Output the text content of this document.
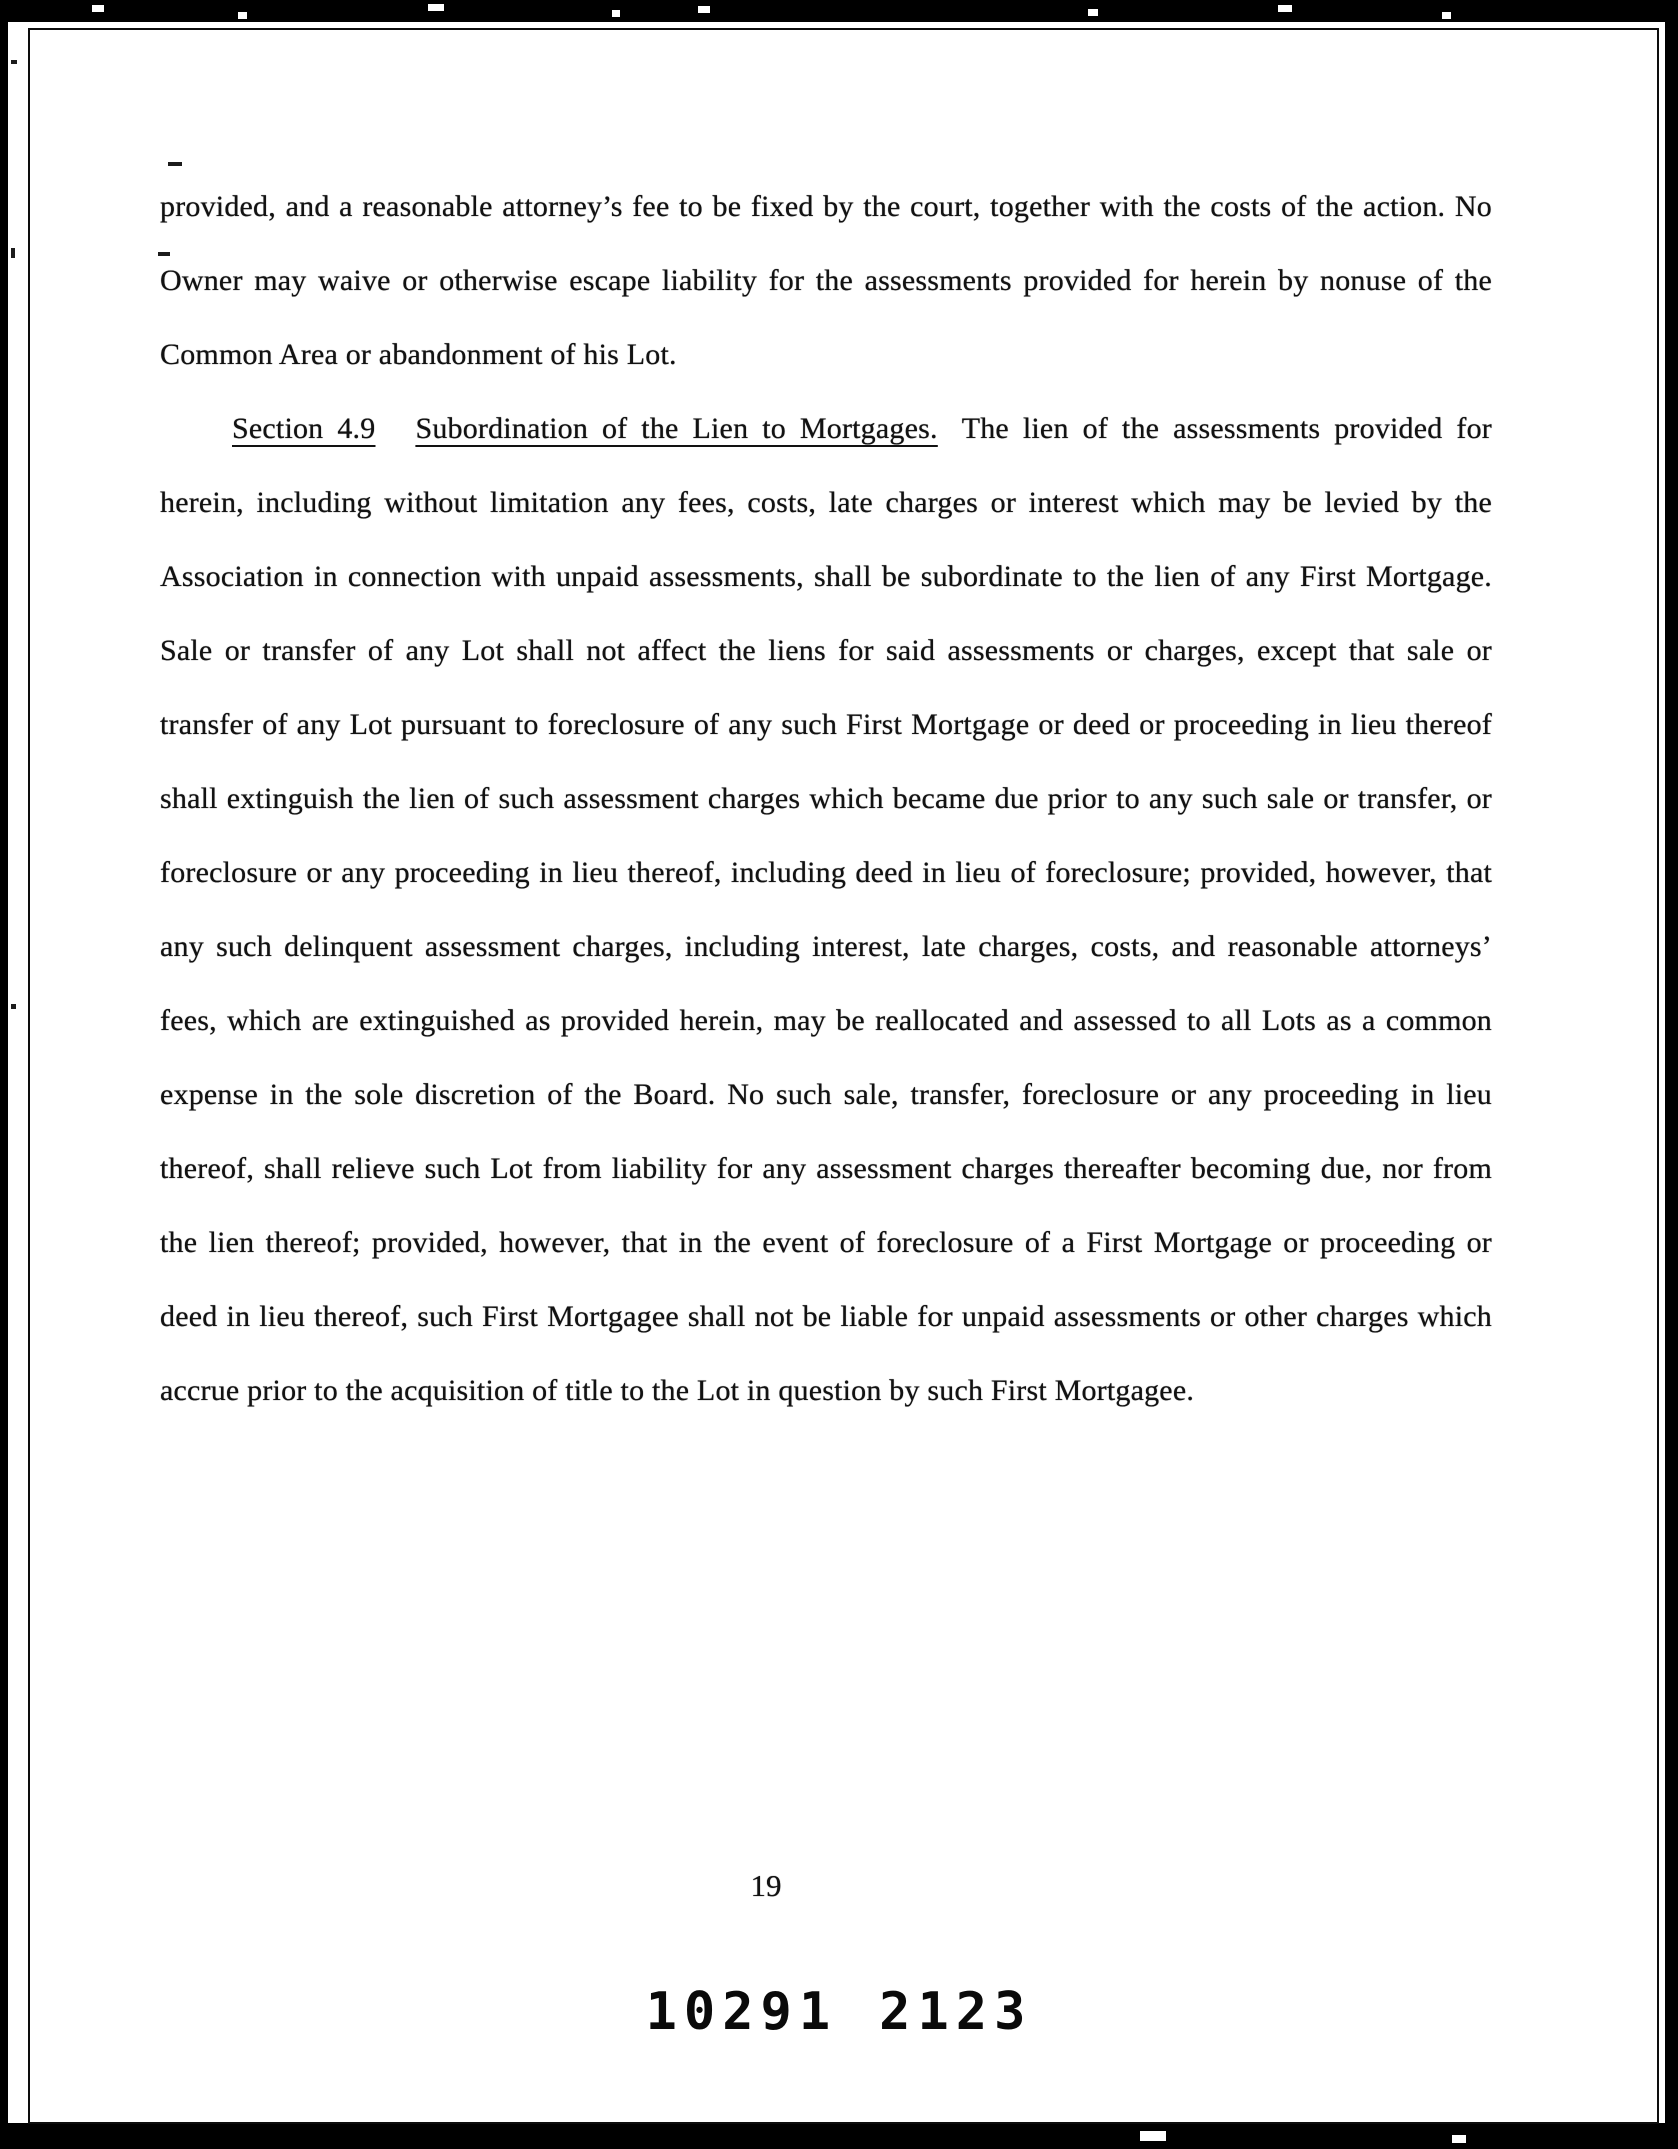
provided, and a reasonable attorney’s fee to be fixed by the court, together with the costs of the action. No Owner may waive or otherwise escape liability for the assessments provided for herein by nonuse of the Common Area or abandonment of his Lot.

Section 4.9 Subordination of the Lien to Mortgages. The lien of the assessments provided for herein, including without limitation any fees, costs, late charges or interest which may be levied by the Association in connection with unpaid assessments, shall be subordinate to the lien of any First Mortgage. Sale or transfer of any Lot shall not affect the liens for said assessments or charges, except that sale or transfer of any Lot pursuant to foreclosure of any such First Mortgage or deed or proceeding in lieu thereof shall extinguish the lien of such assessment charges which became due prior to any such sale or transfer, or foreclosure or any proceeding in lieu thereof, including deed in lieu of foreclosure; provided, however, that any such delinquent assessment charges, including interest, late charges, costs, and reasonable attorneys’ fees, which are extinguished as provided herein, may be reallocated and assessed to all Lots as a common expense in the sole discretion of the Board. No such sale, transfer, foreclosure or any proceeding in lieu thereof, shall relieve such Lot from liability for any assessment charges thereafter becoming due, nor from the lien thereof; provided, however, that in the event of foreclosure of a First Mortgage or proceeding or deed in lieu thereof, such First Mortgagee shall not be liable for unpaid assessments or other charges which accrue prior to the acquisition of title to the Lot in question by such First Mortgagee.

19
10291 2123
